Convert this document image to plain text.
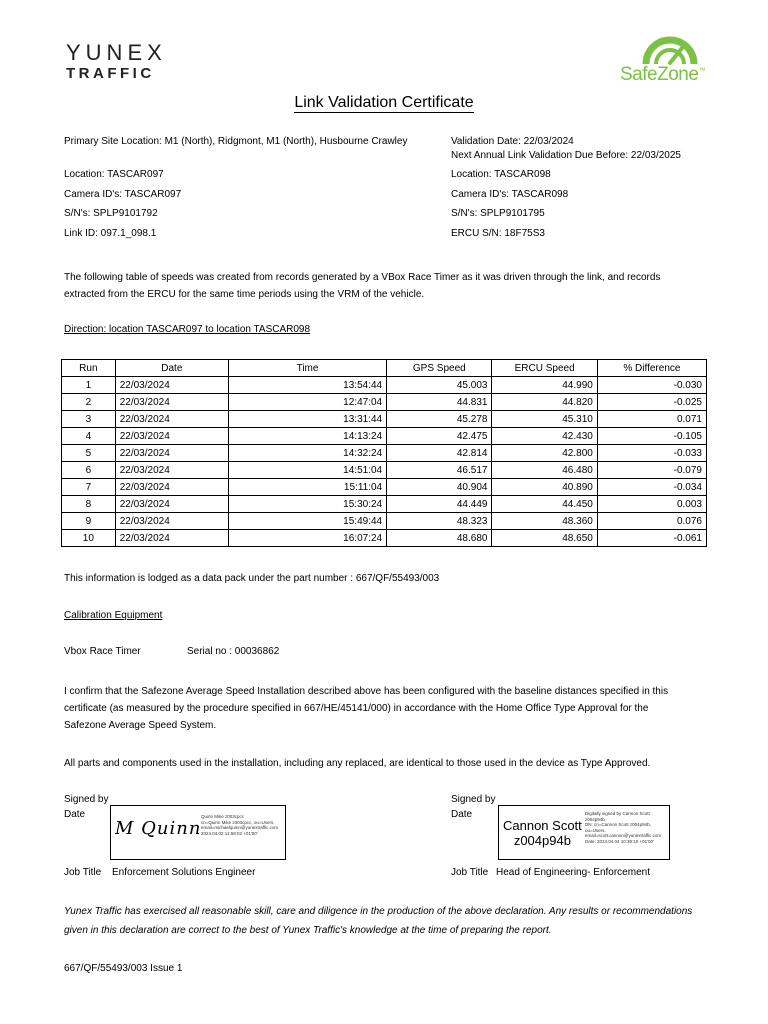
YUNEX
TRAFFIC	SafeZone™
Link Validation Certificate
Primary Site Location: M1 (North), Ridgmont, M1 (North), Husbourne Crawley	Validation Date: 22/03/2024
Next Annual Link Validation Due Before: 22/03/2025
Location: TASCAR097
Camera ID's: TASCAR097
S/N's: SPLP9101792
Link ID: 097.1_098.1
Location: TASCAR098
Camera ID's: TASCAR098
S/N's: SPLP9101795
ERCU S/N: 18F75S3
The following table of speeds was created from records generated by a VBox Race Timer as it was driven through the link, and records
extracted from the ERCU for the same time periods using the VRM of the vehicle.
Direction: location TASCAR097 to location TASCAR098
Run	Date	Time	GPS Speed	ERCU Speed	% Difference
1	22/03/2024	13:54:44	45.003	44.990	-0.030
2	22/03/2024	12:47:04	44.831	44.820	-0.025
3	22/03/2024	13:31:44	45.278	45.310	0.071
4	22/03/2024	14:13:24	42.475	42.430	-0.105
5	22/03/2024	14:32:24	42.814	42.800	-0.033
6	22/03/2024	14:51:04	46.517	46.480	-0.079
7	22/03/2024	15:11:04	40.904	40.890	-0.034
8	22/03/2024	15:30:24	44.449	44.450	0.003
9	22/03/2024	15:49:44	48.323	48.360	0.076
10	22/03/2024	16:07:24	48.680	48.650	-0.061
This information is lodged as a data pack under the part number : 667/QF/55493/003
Calibration Equipment
Vbox Race Timer	Serial no : 00036862
I confirm that the Safezone Average Speed Installation described above has been configured with the baseline distances specified in this
certificate (as measured by the procedure specified in 667/HE/45141/000) in accordance with the Home Office Type Approval for the
Safezone Average Speed System.
All parts and components used in the installation, including any replaced, are identical to those used in the device as Type Approved.
Signed by
Date
M Quinn
Quinn Mike z003cpcc
cn=Quinn Mike z003cpcc, ou=Users,
email=michaelquinn@yunextraffic.com
2024.04.02 11:58:02 +01'00'
Job Title Enforcement Solutions Engineer
Signed by
Date
Cannon Scott
z004p94b
Digitally signed by Cannon Scott
z004p94b
DN: cn=Cannon Scott z004p94b,
ou=Users,
email=scott.cannon@yunextraffic.com
Date: 2024.04.04 10:39:10 +01'00'
Job Title Head of Engineering- Enforcement
Yunex Traffic has exercised all reasonable skill, care and diligence in the production of the above declaration. Any results or recommendations
given in this declaration are correct to the best of Yunex Traffic's knowledge at the time of preparing the report.
667/QF/55493/003 Issue 1
